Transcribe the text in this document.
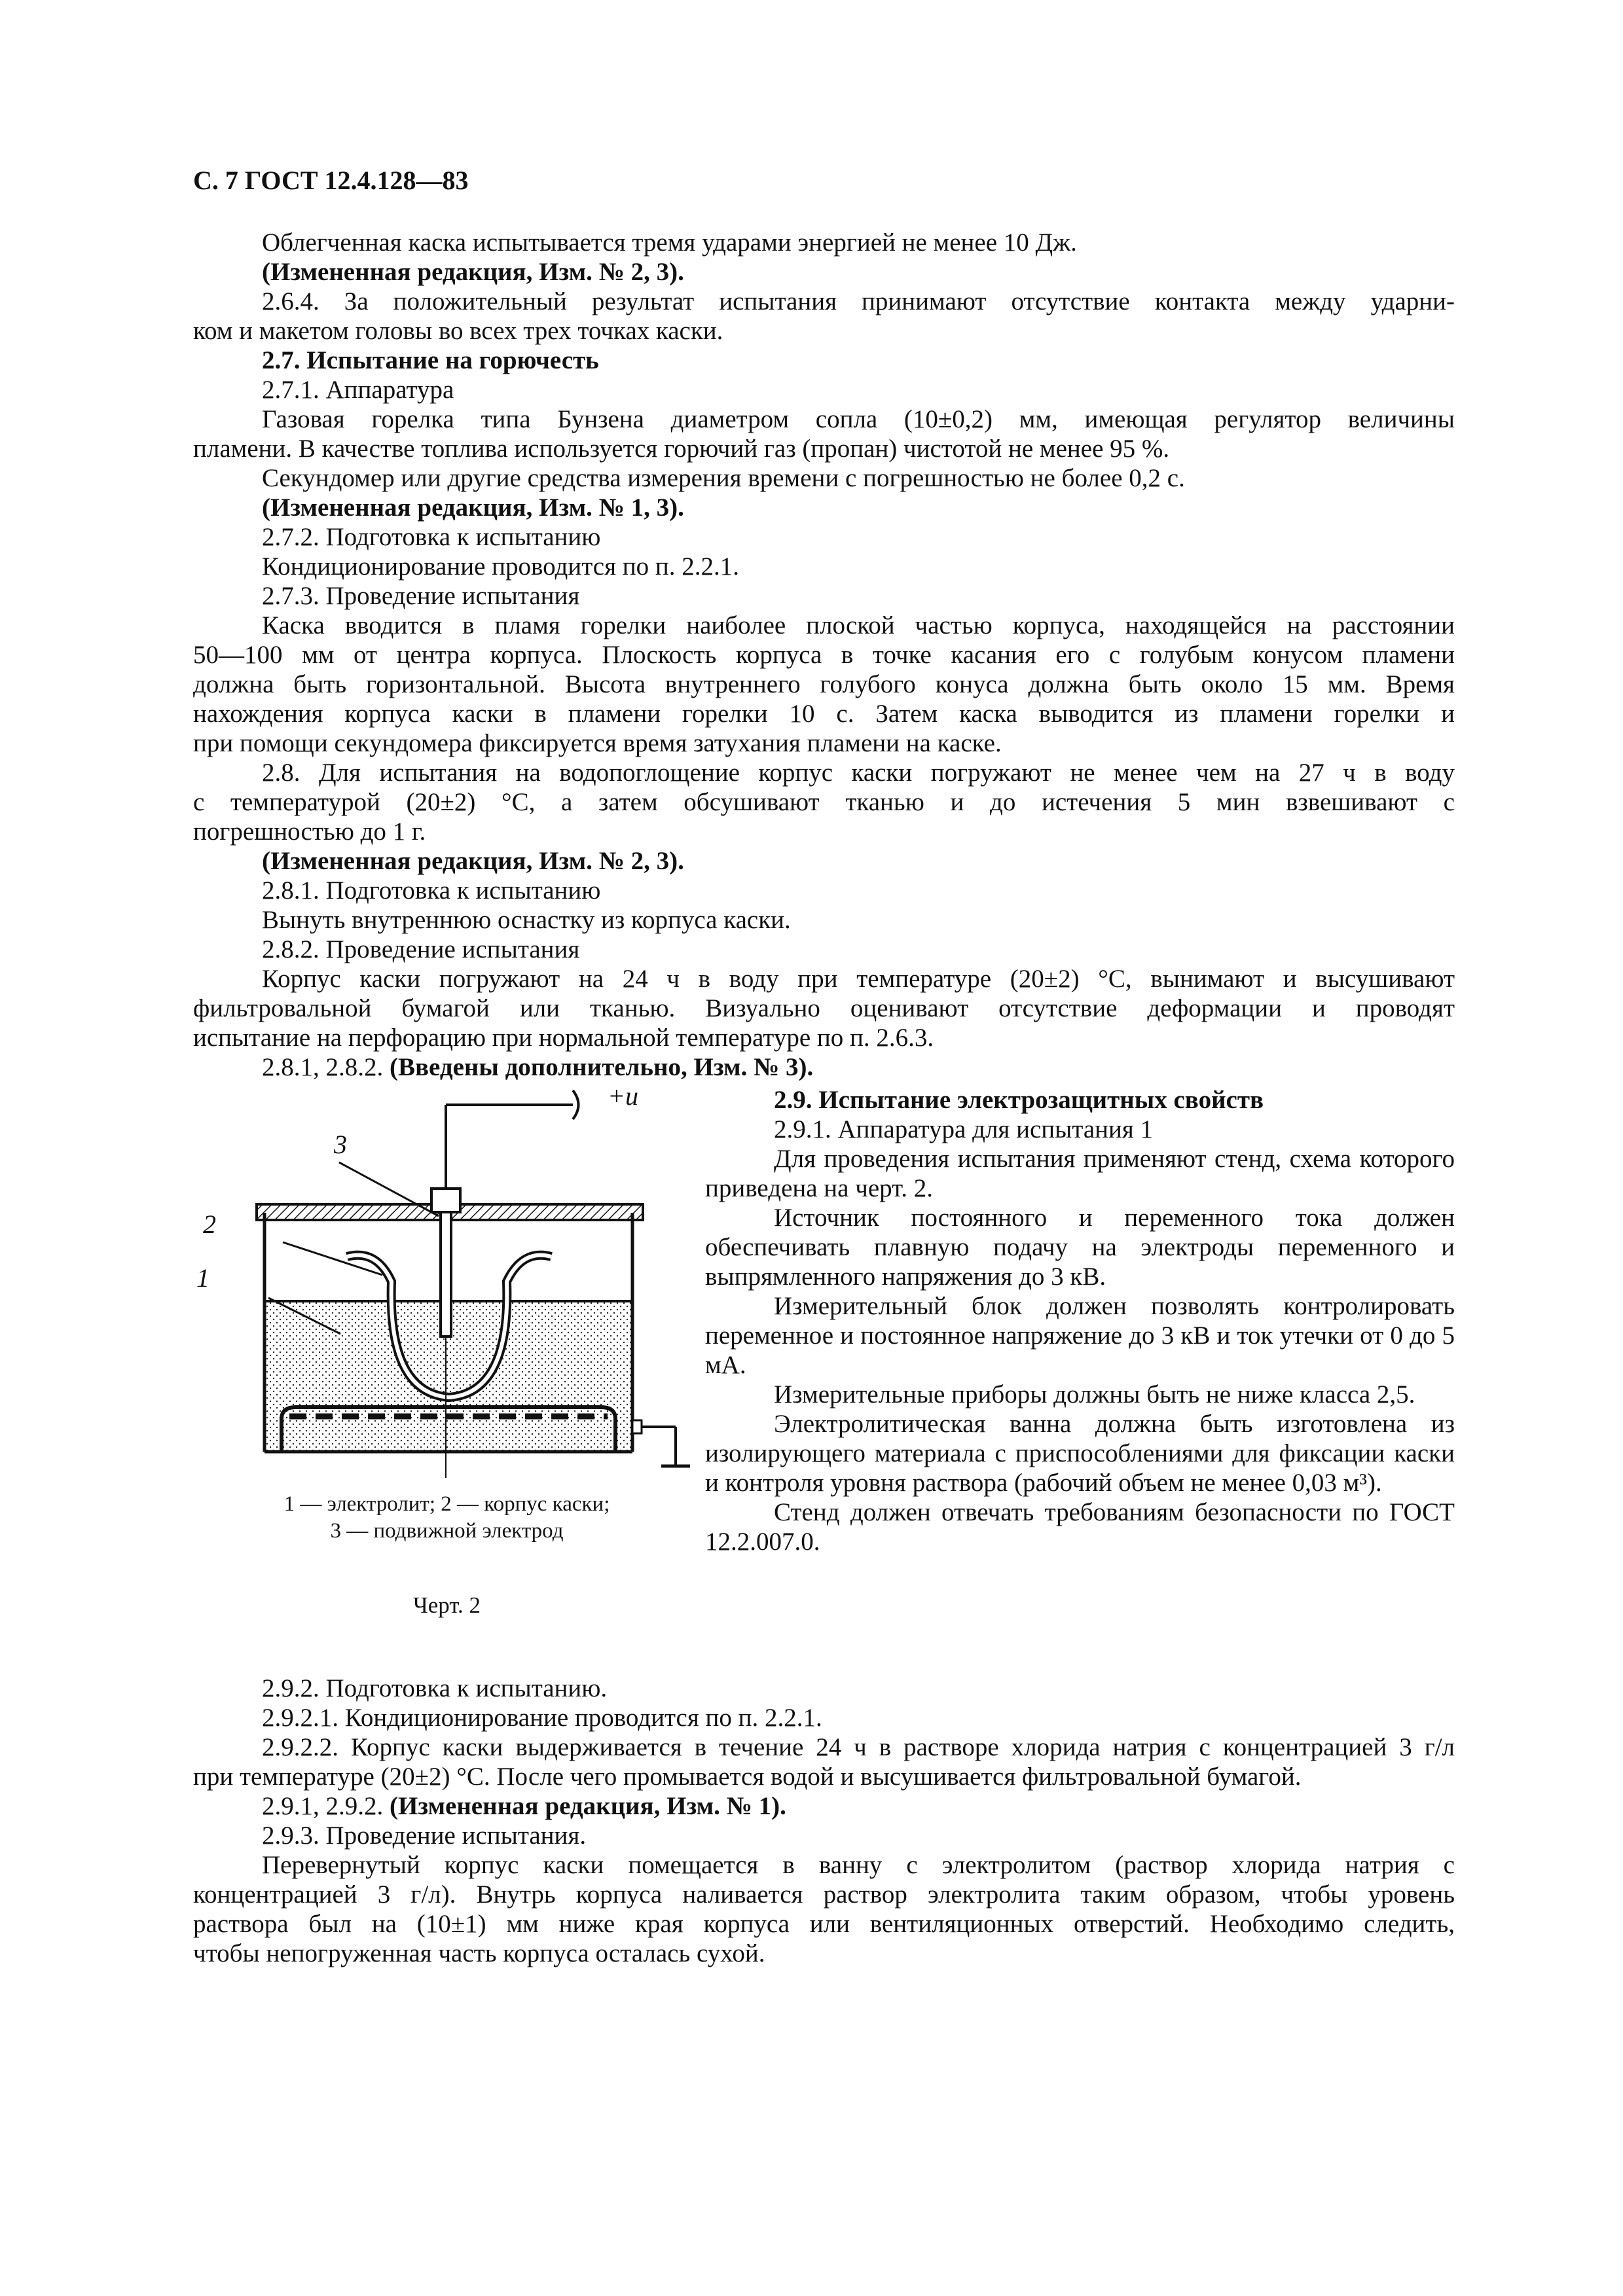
С. 7 ГОСТ 12.4.128—83

Облегченная каска испытывается тремя ударами энергией не менее 10 Дж.

(Измененная редакция, Изм. № 2, 3).

2.6.4. За положительный результат испытания принимают отсутствие контакта между ударни-

ком и макетом головы во всех трех точках каски.

2.7. Испытание на горючесть

2.7.1. Аппаратура

Газовая горелка типа Бунзена диаметром сопла (10±0,2) мм, имеющая регулятор величины

пламени. В качестве топлива используется горючий газ (пропан) чистотой не менее 95 %.

Секундомер или другие средства измерения времени с погрешностью не более 0,2 с.

(Измененная редакция, Изм. № 1, 3).

2.7.2. Подготовка к испытанию

Кондиционирование проводится по п. 2.2.1.

2.7.3. Проведение испытания

Каска вводится в пламя горелки наиболее плоской частью корпуса, находящейся на расстоянии

50—100 мм от центра корпуса. Плоскость корпуса в точке касания его с голубым конусом пламени

должна быть горизонтальной. Высота внутреннего голубого конуса должна быть около 15 мм. Время

нахождения корпуса каски в пламени горелки 10 с. Затем каска выводится из пламени горелки и

при помощи секундомера фиксируется время затухания пламени на каске.

2.8. Для испытания на водопоглощение корпус каски погружают не менее чем на 27 ч в воду

с температурой (20±2) °С, а затем обсушивают тканью и до истечения 5 мин взвешивают с

погрешностью до 1 г.

(Измененная редакция, Изм. № 2, 3).

2.8.1. Подготовка к испытанию

Вынуть внутреннюю оснастку из корпуса каски.

2.8.2. Проведение испытания

Корпус каски погружают на 24 ч в воду при температуре (20±2) °С, вынимают и высушивают

фильтровальной бумагой или тканью. Визуально оценивают отсутствие деформации и проводят

испытание на перфорацию при нормальной температуре по п. 2.6.3.

2.8.1, 2.8.2. (Введены дополнительно, Изм. № 3).

+u
3
2
1
1 — электролит; 2 — корпус каски;
3 — подвижной электрод
Черт. 2

2.9. Испытание электрозащитных свойств

2.9.1. Аппаратура для испытания 1

Для проведения испытания применяют стенд, схема которого приведена на черт. 2.

Источник постоянного и переменного тока должен обеспечивать плавную подачу на электроды переменного и выпрямленного напряжения до 3 кВ.

Измерительный блок должен позволять контролировать переменное и постоянное напряжение до 3 кВ и ток утечки от 0 до 5 мА.

Измерительные приборы должны быть не ниже класса 2,5.

Электролитическая ванна должна быть изготовлена из изолирующего материала с приспособлениями для фиксации каски и контроля уровня раствора (рабочий объем не менее 0,03 м³).

Стенд должен отвечать требованиям безопасности по ГОСТ 12.2.007.0.

2.9.2. Подготовка к испытанию.

2.9.2.1. Кондиционирование проводится по п. 2.2.1.

2.9.2.2. Корпус каски выдерживается в течение 24 ч в растворе хлорида натрия с концентрацией 3 г/л

при температуре (20±2) °С. После чего промывается водой и высушивается фильтровальной бумагой.

2.9.1, 2.9.2. (Измененная редакция, Изм. № 1).

2.9.3. Проведение испытания.

Перевернутый корпус каски помещается в ванну с электролитом (раствор хлорида натрия с

концентрацией 3 г/л). Внутрь корпуса наливается раствор электролита таким образом, чтобы уровень

раствора был на (10±1) мм ниже края корпуса или вентиляционных отверстий. Необходимо следить,

чтобы непогруженная часть корпуса осталась сухой.
